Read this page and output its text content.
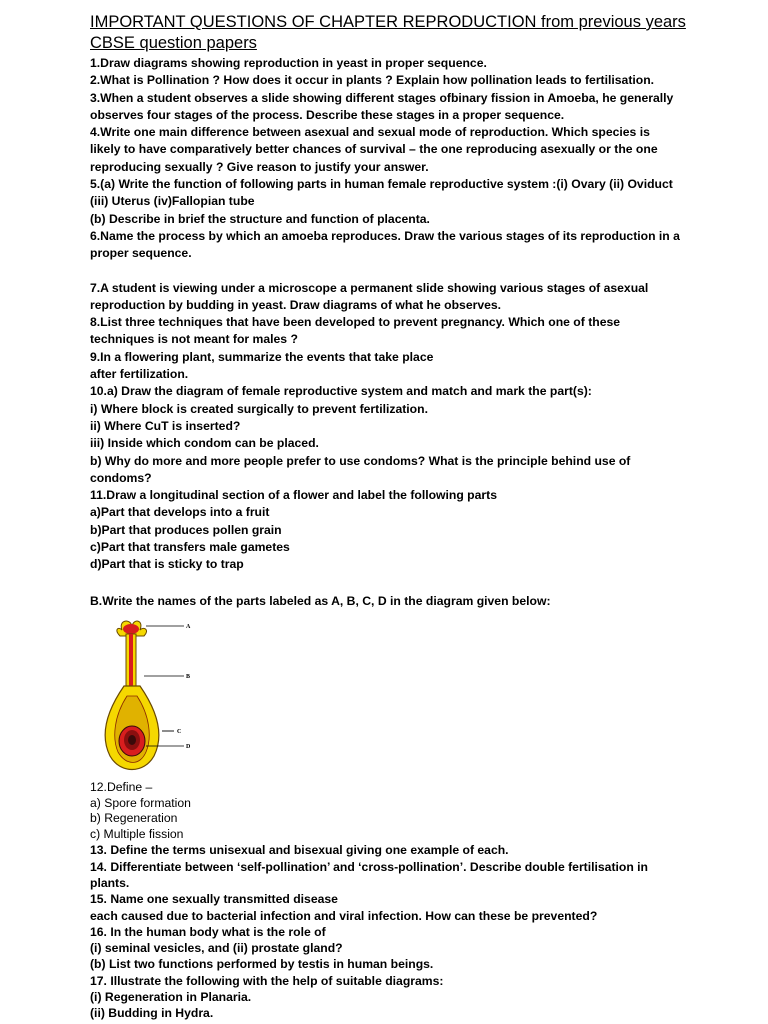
IMPORTANT QUESTIONS OF CHAPTER REPRODUCTION from previous years CBSE question papers

1.Draw diagrams showing reproduction in yeast in proper sequence.

2.What is Pollination ? How does it occur in plants ? Explain how pollination leads to fertilisation.

3.When a student observes a slide showing different stages ofbinary fission in Amoeba, he generally

observes four stages of the process. Describe these stages in a proper sequence.

4.Write one main difference between asexual and sexual mode of reproduction. Which species is

likely to have comparatively better chances of survival – the one reproducing asexually or the one

reproducing sexually ? Give reason to justify your answer.

5.(a) Write the function of following parts in human female reproductive system :(i) Ovary (ii) Oviduct

(iii) Uterus (iv)Fallopian tube

(b) Describe in brief the structure and function of placenta.

6.Name the process by which an amoeba reproduces. Draw the various stages of its reproduction in a

proper sequence.

7.A student is viewing under a microscope a permanent slide showing various stages of asexual

reproduction by budding in yeast. Draw diagrams of what he observes.

8.List three techniques that have been developed to prevent pregnancy. Which one of these

techniques is not meant for males ?

9.In a flowering plant, summarize the events that take place

after fertilization.

10.a) Draw the diagram of female reproductive system and match and mark the part(s):

i) Where block is created surgically to prevent fertilization.

ii) Where CuT is inserted?

iii) Inside which condom can be placed.

b) Why do more and more people prefer to use condoms? What is the principle behind use of

condoms?

11.Draw a longitudinal section of a flower and label the following parts

a)Part that develops into a fruit

b)Part that produces pollen grain

c)Part that transfers male gametes

d)Part that is sticky to trap

B.Write the names of the parts labeled as A, B, C, D in the diagram given below:

A
B
C
D

12.Define –

a) Spore formation

b) Regeneration

c) Multiple fission

13. Define the terms unisexual and bisexual giving one example of each.

14. Differentiate between ‘self-pollination’ and ‘cross-pollination’. Describe double fertilisation in plants.

15. Name one sexually transmitted disease

each caused due to bacterial infection and viral infection. How can these be prevented?

16. In the human body what is the role of

(i) seminal vesicles, and (ii) prostate gland?

(b) List two functions performed by testis in human beings.

17. Illustrate the following with the help of suitable diagrams:

(i) Regeneration in Planaria.

(ii) Budding in Hydra.
